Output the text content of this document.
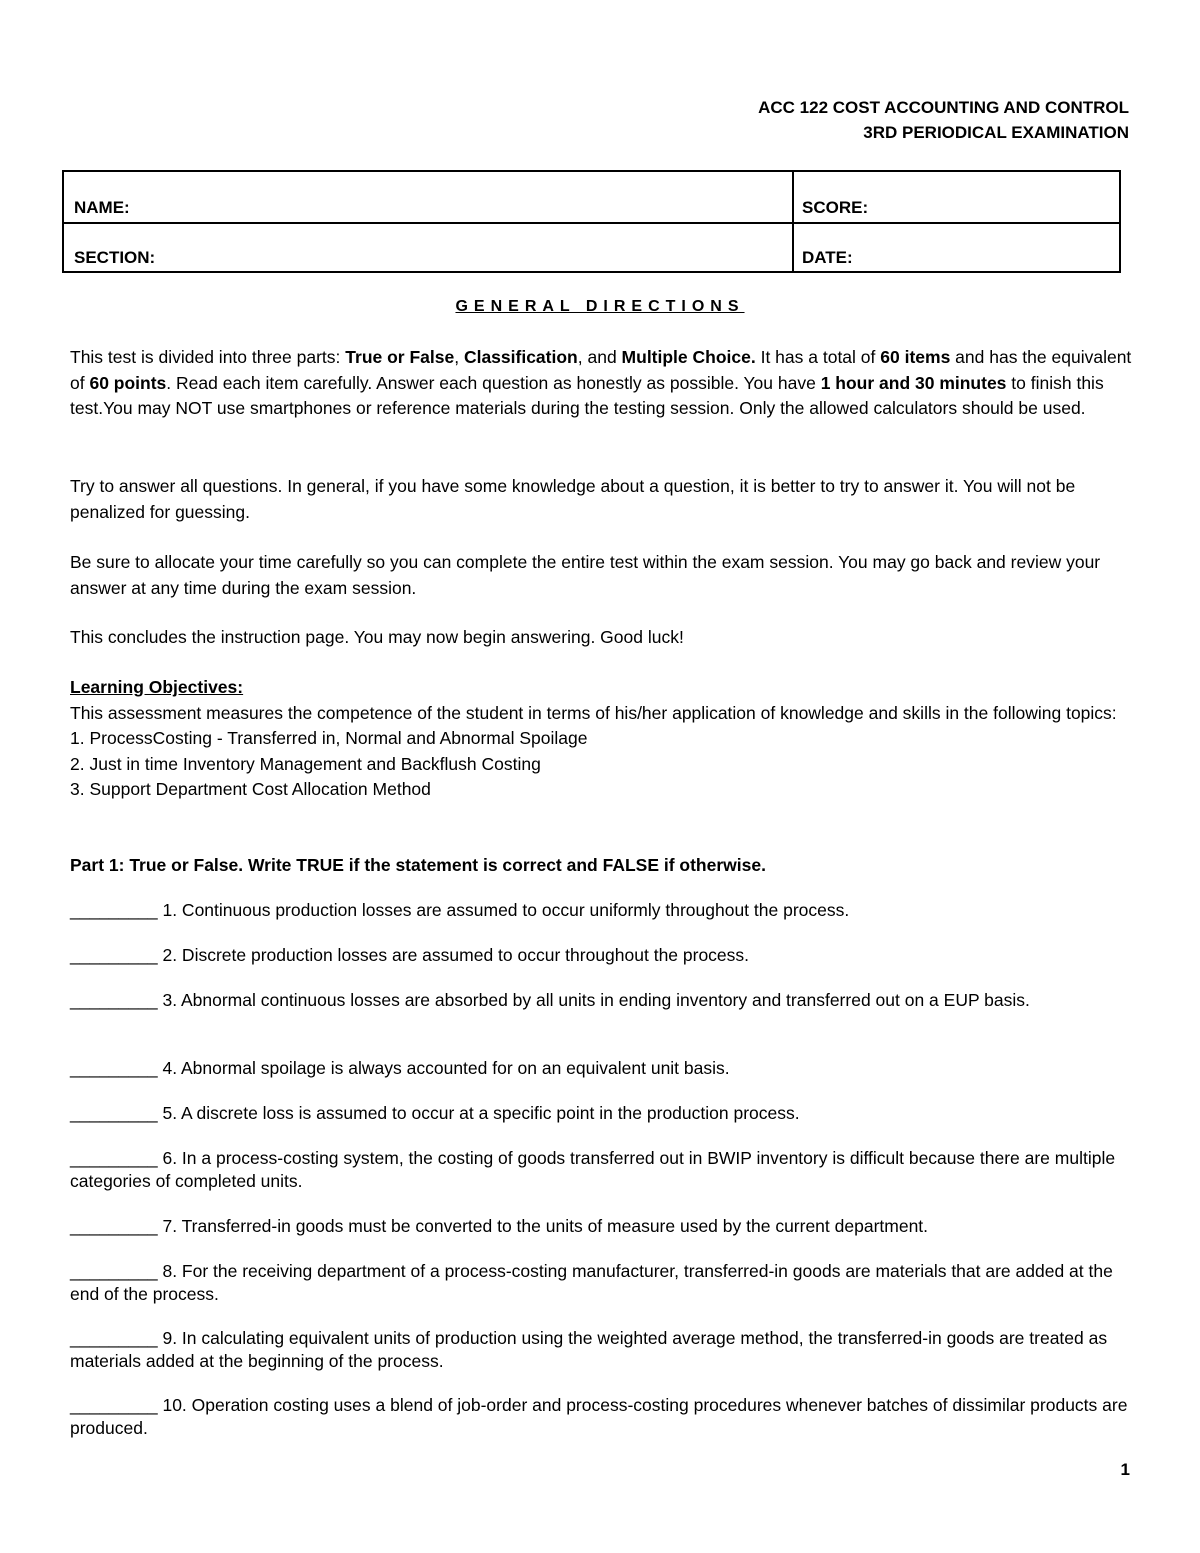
ACC 122 COST ACCOUNTING AND CONTROL
3RD PERIODICAL EXAMINATION
NAME:	SCORE:
SECTION:	DATE:
GENERAL DIRECTIONS
This test is divided into three parts: True or False, Classification, and Multiple Choice. It has a total of 60 items and has the equivalent of 60 points. Read each item carefully. Answer each question as honestly as possible. You have 1 hour and 30 minutes to finish this test.You may NOT use smartphones or reference materials during the testing session. Only the allowed calculators should be used.
Try to answer all questions. In general, if you have some knowledge about a question, it is better to try to answer it. You will not be penalized for guessing.
Be sure to allocate your time carefully so you can complete the entire test within the exam session. You may go back and review your answer at any time during the exam session.
This concludes the instruction page. You may now begin answering. Good luck!
Learning Objectives:
This assessment measures the competence of the student in terms of his/her application of knowledge and skills in the following topics:
1. ProcessCosting - Transferred in, Normal and Abnormal Spoilage
2. Just in time Inventory Management and Backflush Costing
3. Support Department Cost Allocation Method
Part 1: True or False. Write TRUE if the statement is correct and FALSE if otherwise.
_________ 1. Continuous production losses are assumed to occur uniformly throughout the process.
_________ 2. Discrete production losses are assumed to occur throughout the process.
_________ 3. Abnormal continuous losses are absorbed by all units in ending inventory and transferred out on a EUP basis.
_________ 4. Abnormal spoilage is always accounted for on an equivalent unit basis.
_________ 5. A discrete loss is assumed to occur at a specific point in the production process.
_________ 6. In a process-costing system, the costing of goods transferred out in BWIP inventory is difficult because there are multiple categories of completed units.
_________ 7. Transferred-in goods must be converted to the units of measure used by the current department.
_________ 8. For the receiving department of a process-costing manufacturer, transferred-in goods are materials that are added at the end of the process.
_________ 9. In calculating equivalent units of production using the weighted average method, the transferred-in goods are treated as materials added at the beginning of the process.
_________ 10. Operation costing uses a blend of job-order and process-costing procedures whenever batches of dissimilar products are produced.
1
